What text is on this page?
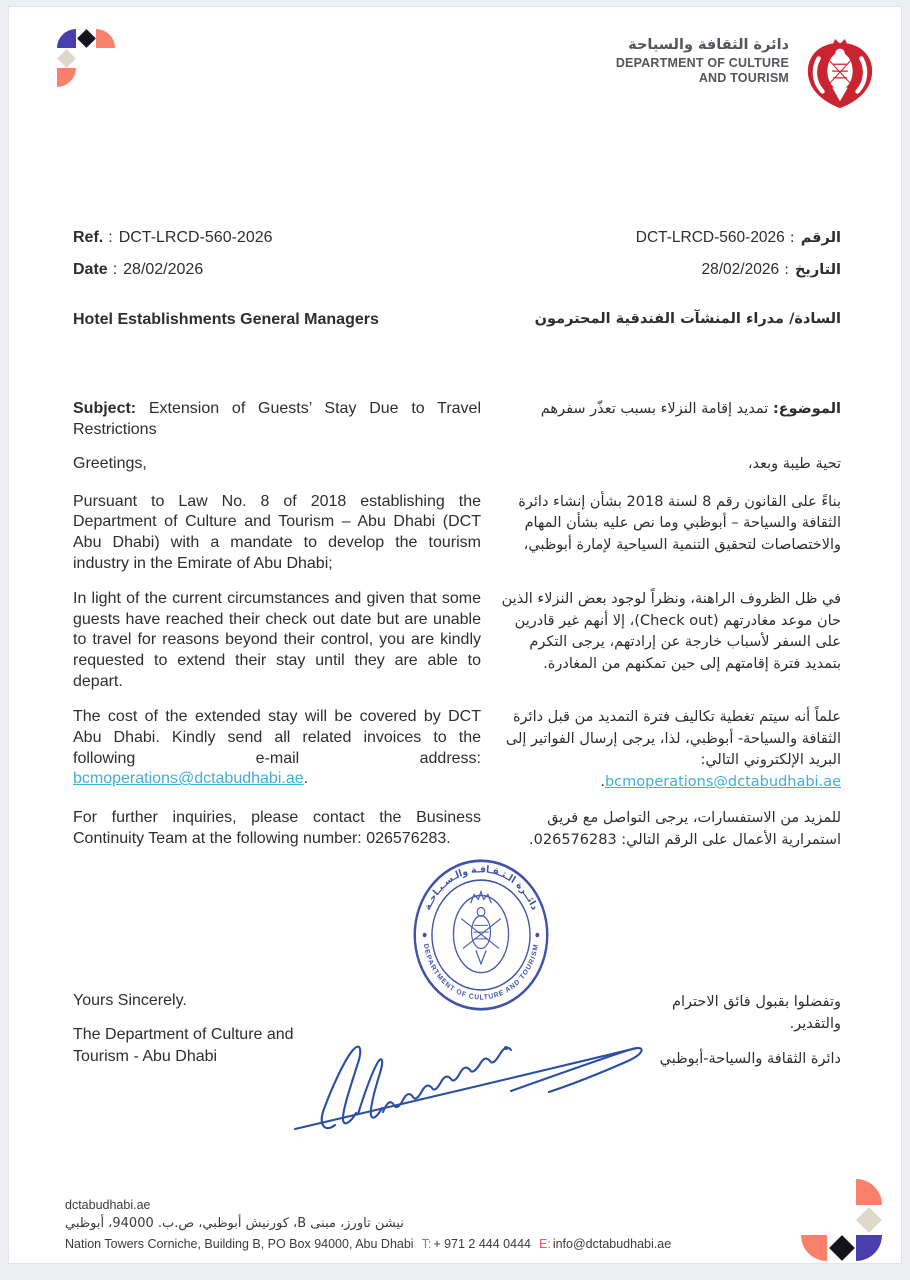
دائرة الثقافة والسياحة

DEPARTMENT OF CULTURE
AND TOURISM

Ref. : DCT-LRCD-560-2026	الرقم:DCT-LRCD-560-2026
Date : 28/02/2026	التاريخ:28/02/2026
Hotel Establishments General Managers	السادة/ مدراء المنشآت الفندقية المحترمون
Subject: Extension of Guests’ Stay Due to Travel Restrictions
الموضوع: تمديد إقامة النزلاء بسبب تعذّر سفرهم
Greetings,	تحية طيبة وبعد،

Pursuant to Law No. 8 of 2018 establishing the Department of Culture and Tourism – Abu Dhabi (DCT Abu Dhabi) with a mandate to develop the tourism industry in the Emirate of Abu Dhabi;

بناءً على القانون رقم 8 لسنة 2018 بشأن إنشاء دائرة الثقافة والسياحة – أبوظبي وما نص عليه بشأن المهام والاختصاصات لتحقيق التنمية السياحية لإمارة أبوظبي،

In light of the current circumstances and given that some guests have reached their check out date but are unable to travel for reasons beyond their control, you are kindly requested to extend their stay until they are able to depart.

في ظل الظروف الراهنة، ونظراً لوجود بعض النزلاء الذين حان موعد مغادرتهم (Check out)، إلا أنهم غير قادرين على السفر لأسباب خارجة عن إرادتهم، يرجى التكرم بتمديد فترة إقامتهم إلى حين تمكنهم من المغادرة.

The cost of the extended stay will be covered by DCT Abu Dhabi. Kindly send all related invoices to the following e-mail address: bcmoperations@dctabudhabi.ae.

علماً أنه سيتم تغطية تكاليف فترة التمديد من قبل دائرة الثقافة والسياحة- أبوظبي، لذا، يرجى إرسال الفواتير إلى البريد الإلكتروني التالي: bcmoperations@dctabudhabi.ae.

For further inquiries, please contact the Business Continuity Team at the following number: 026576283.

للمزيد من الاستفسارات، يرجى التواصل مع فريق استمرارية الأعمال على الرقم التالي: 026576283.

Yours Sincerely.

The Department of Culture and Tourism - Abu Dhabi

وتفضلوا بقبول فائق الاحترام والتقدير.

دائرة الثقافة والسياحة-أبوظبي

دائــرة الـثـقـافـة والـسـيـاحـة
DEPARTMENT OF CULTURE AND TOURISM

dctabudhabi.ae

نيشن تاورز، مبنى B، كورنيش أبوظبي، ص.ب. 94000، أبوظبي

Nation Towers Corniche, Building B, PO Box 94000, Abu Dhabi T: + 971 2 444 0444 E: info@dctabudhabi.ae
